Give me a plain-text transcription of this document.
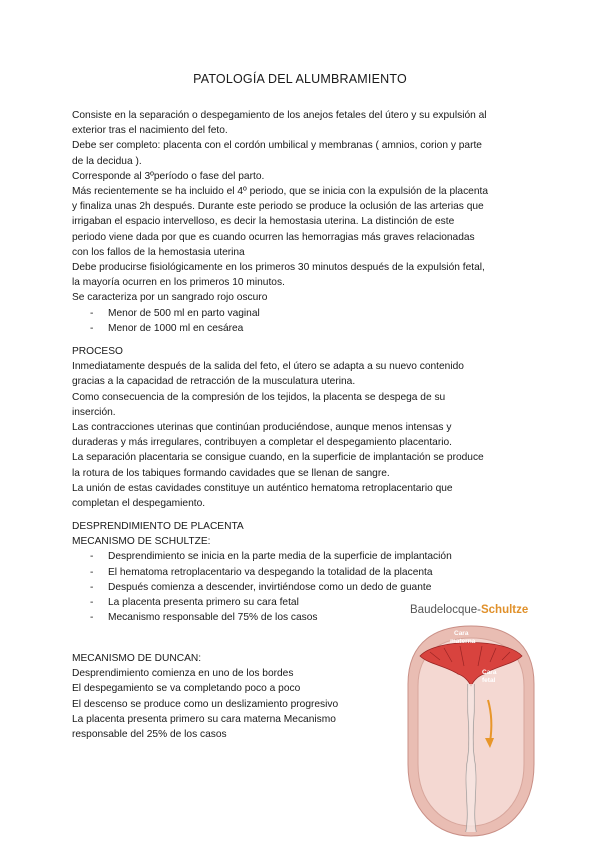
PATOLOGÍA DEL ALUMBRAMIENTO
Consiste en la separación o despegamiento de los anejos fetales del útero y su expulsión al
exterior tras el nacimiento del feto.
Debe ser completo: placenta con el cordón umbilical y membranas ( amnios, corion y parte
de la decidua ).
Corresponde al 3ºperíodo o fase del parto.
Más recientemente se ha incluido el 4º periodo, que se inicia con la expulsión de la placenta
y finaliza unas 2h después. Durante este periodo se produce la oclusión de las arterias que
irrigaban el espacio intervelloso, es decir la hemostasia uterina. La distinción de este
periodo viene dada por que es cuando ocurren las hemorragias más graves relacionadas
con los fallos de la hemostasia uterina
Debe producirse fisiológicamente en los primeros 30 minutos después de la expulsión fetal,
la mayoría ocurren en los primeros 10 minutos.
Se caracteriza por un sangrado rojo oscuro
- Menor de 500 ml en parto vaginal
- Menor de 1000 ml en cesárea
PROCESO
Inmediatamente después de la salida del feto, el útero se adapta a su nuevo contenido
gracias a la capacidad de retracción de la musculatura uterina.
Como consecuencia de la compresión de los tejidos, la placenta se despega de su
inserción.
Las contracciones uterinas que continúan produciéndose, aunque menos intensas y
duraderas y más irregulares, contribuyen a completar el despegamiento placentario.
La separación placentaria se consigue cuando, en la superficie de implantación se produce
la rotura de los tabiques formando cavidades que se llenan de sangre.
La unión de estas cavidades constituye un auténtico hematoma retroplacentario que
completan el despegamiento.
DESPRENDIMIENTO DE PLACENTA
MECANISMO DE SCHULTZE:
- Desprendimiento se inicia en la parte media de la superficie de implantación
- El hematoma retroplacentario va despegando la totalidad de la placenta
- Después comienza a descender, invirtiéndose como un dedo de guante
- La placenta presenta primero su cara fetal
- Mecanismo responsable del 75% de los casos
MECANISMO DE DUNCAN:
Desprendimiento comienza en uno de los bordes
El despegamiento se va completando poco a poco
El descenso se produce como un deslizamiento progresivo
La placenta presenta primero su cara materna Mecanismo
responsable del 25% de los casos
Baudelocque-Schultze
Cara
materna
Cara
fetal
